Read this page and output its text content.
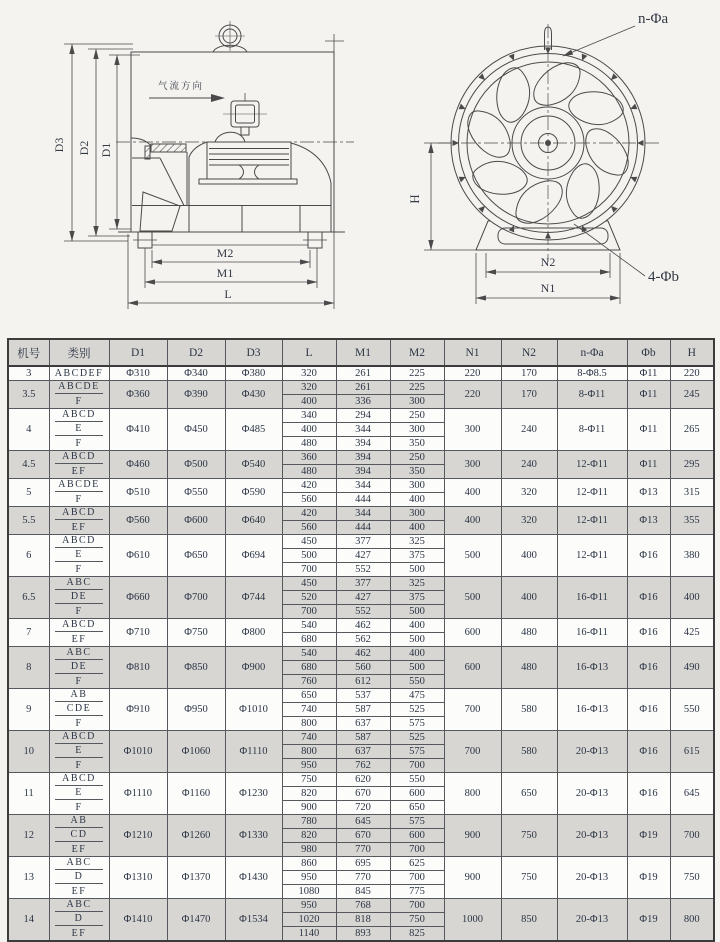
气流方向
D3 D2 D1
M2
M1
L
n-Φa
H
N2
N1
4-Φb
机号	类别	D1	D2	D3	L	M1	M2	N1	N2	n-Φa	Φb	H
3	ABCDEF	Φ310	Φ340	Φ380	320	261	225	220	170	8-Φ8.5	Φ11	220
3.5	ABCDE	Φ360	Φ390	Φ430	320	261	225	220	170	8-Φ11	Φ11	245

	F				400	336	300					
4	ABCD	Φ410	Φ450	Φ485	340	294	250	300	240	8-Φ11	Φ11	265

	E				400	344	300					

	F				480	394	350					
4.5	ABCD	Φ460	Φ500	Φ540	360	394	250	300	240	12-Φ11	Φ11	295

	EF				480	394	350					
5	ABCDE	Φ510	Φ550	Φ590	420	344	300	400	320	12-Φ11	Φ13	315

	F				560	444	400					
5.5	ABCD	Φ560	Φ600	Φ640	420	344	300	400	320	12-Φ11	Φ13	355

	EF				560	444	400					
6	ABCD	Φ610	Φ650	Φ694	450	377	325	500	400	12-Φ11	Φ16	380

	E				500	427	375					

	F				700	552	500					
6.5	ABC	Φ660	Φ700	Φ744	450	377	325	500	400	16-Φ11	Φ16	400

	DE				520	427	375					

	F				700	552	500					
7	ABCD	Φ710	Φ750	Φ800	540	462	400	600	480	16-Φ11	Φ16	425

	EF				680	562	500					
8	ABC	Φ810	Φ850	Φ900	540	462	400	600	480	16-Φ13	Φ16	490

	DE				680	560	500					

	F				760	612	550					
9	AB	Φ910	Φ950	Φ1010	650	537	475	700	580	16-Φ13	Φ16	550

	CDE				740	587	525					

	F				800	637	575					
10	ABCD	Φ1010	Φ1060	Φ1110	740	587	525	700	580	20-Φ13	Φ16	615

	E				800	637	575					

	F				950	762	700					
11	ABCD	Φ1110	Φ1160	Φ1230	750	620	550	800	650	20-Φ13	Φ16	645

	E				820	670	600					

	F				900	720	650					
12	AB	Φ1210	Φ1260	Φ1330	780	645	575	900	750	20-Φ13	Φ19	700

	CD				820	670	600					

	EF				980	770	700					
13	ABC	Φ1310	Φ1370	Φ1430	860	695	625	900	750	20-Φ13	Φ19	750

	D				950	770	700					

	EF				1080	845	775					
14	ABC	Φ1410	Φ1470	Φ1534	950	768	700	1000	850	20-Φ13	Φ19	800

	D				1020	818	750					

	EF				1140	893	825					
